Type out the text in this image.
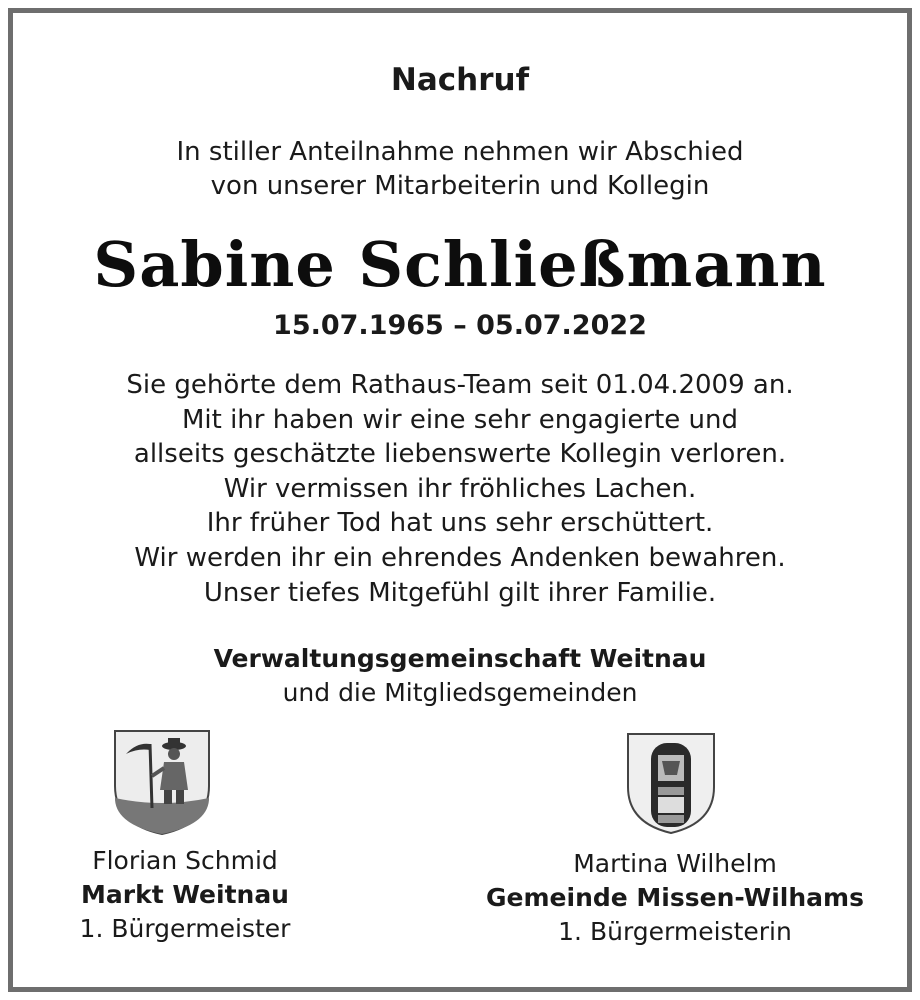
Nachruf
In stiller Anteilnahme nehmen wir Abschied
von unserer Mitarbeiterin und Kollegin
Sabine Schließmann
15.07.1965 – 05.07.2022
Sie gehörte dem Rathaus-Team seit 01.04.2009 an.
Mit ihr haben wir eine sehr engagierte und
allseits geschätzte liebenswerte Kollegin verloren.
Wir vermissen ihr fröhliches Lachen.
Ihr früher Tod hat uns sehr erschüttert.
Wir werden ihr ein ehrendes Andenken bewahren.
Unser tiefes Mitgefühl gilt ihrer Familie.
Verwaltungsgemeinschaft Weitnau
und die Mitgliedsgemeinden
Florian Schmid
Markt Weitnau
1. Bürgermeister
Martina Wilhelm
Gemeinde Missen-Wilhams
1. Bürgermeisterin
